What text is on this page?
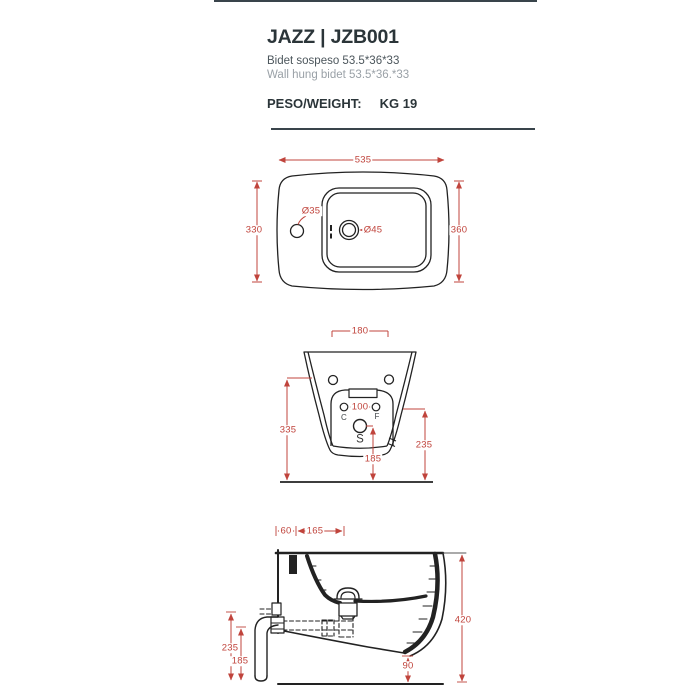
JAZZ | JZB001
Bidet sospeso 53.5*36*33
Wall hung bidet 53.5*36.*33
PESO/WEIGHT: KG 19
535
330	360
Ø35
Ø45
180
100
C	F
S
335
235
185
60 165
420
235
185	90
